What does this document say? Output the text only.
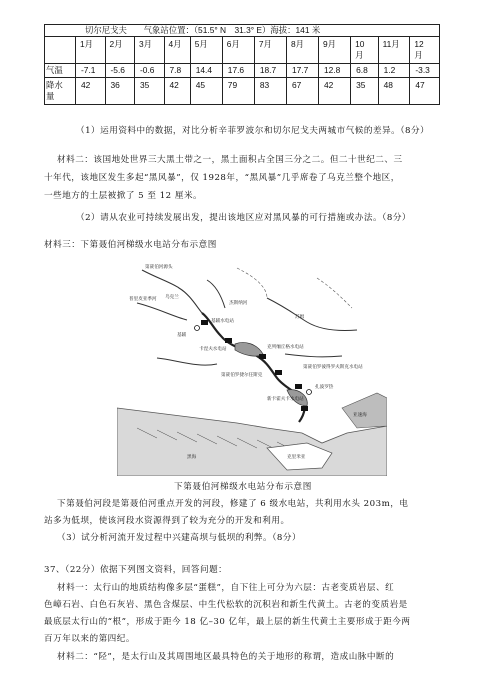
切尔尼戈夫　　气象站位置：（51.5° N　31.3° E）海拔：141 米												
	1月	2月	3月	4月	5月	6月	7月	8月	9月	10月	11月	12月
气温	-7.1	-5.6	-0.6	7.8	14.4	17.6	18.7	17.7	12.8	6.8	1.2	-3.3
降水量	42	36	35	42	45	79	83	67	42	35	48	47
（1）运用资料中的数据，对比分析辛菲罗波尔和切尔尼戈夫两城市气候的差异。（8分）
材料二：该国地处世界三大黑土带之一，黑土面积占全国三分之二。但二十世纪二、三
十年代，该地区发生多起“黑风暴”，仅 1928年，“黑风暴”几乎席卷了乌克兰整个地区，
一些地方的土层被掀了 5 至 12 厘米。
（2）请从农业可持续发展出发，提出该地区应对黑风暴的可行措施或办法。（8分）
材料三：下第聂伯河梯级水电站分布示意图
第聂伯河源头
乌克兰
基辅
基辅水电站
卡涅夫水电站	克列缅丘格水电站
第聂伯罗捷尔任斯克
第聂伯罗彼得罗夫斯克水电站
新卡霍夫卡水电站
扎波罗热
黑海
亚速海
克里米亚
苏姆
普里皮亚季河
杰斯纳河
下第聂伯河梯级水电站分布示意图
下第聂伯河段是第聂伯河重点开发的河段，修建了 6 级水电站，共利用水头 203m，电
站多为低坝，使该河段水资源得到了较为充分的开发和利用。
（3）试分析河流开发过程中兴建高坝与低坝的利弊。（8分）
37、（22分）依据下列图文资料，回答问题：
材料一：太行山的地质结构像多层“蛋糕”，自下往上可分为六层：古老变质岩层、红
色嶂石岩、白色石灰岩、黑色含煤层、中生代松软的沉积岩和新生代黄土。古老的变质岩是
最底层太行山的“根”，形成于距今 18 亿–30 亿年，最上层的新生代黄土主要形成于距今两
百万年以来的第四纪。
材料二：“陉”，是太行山及其周围地区最具特色的关于地形的称谓，造成山脉中断的
